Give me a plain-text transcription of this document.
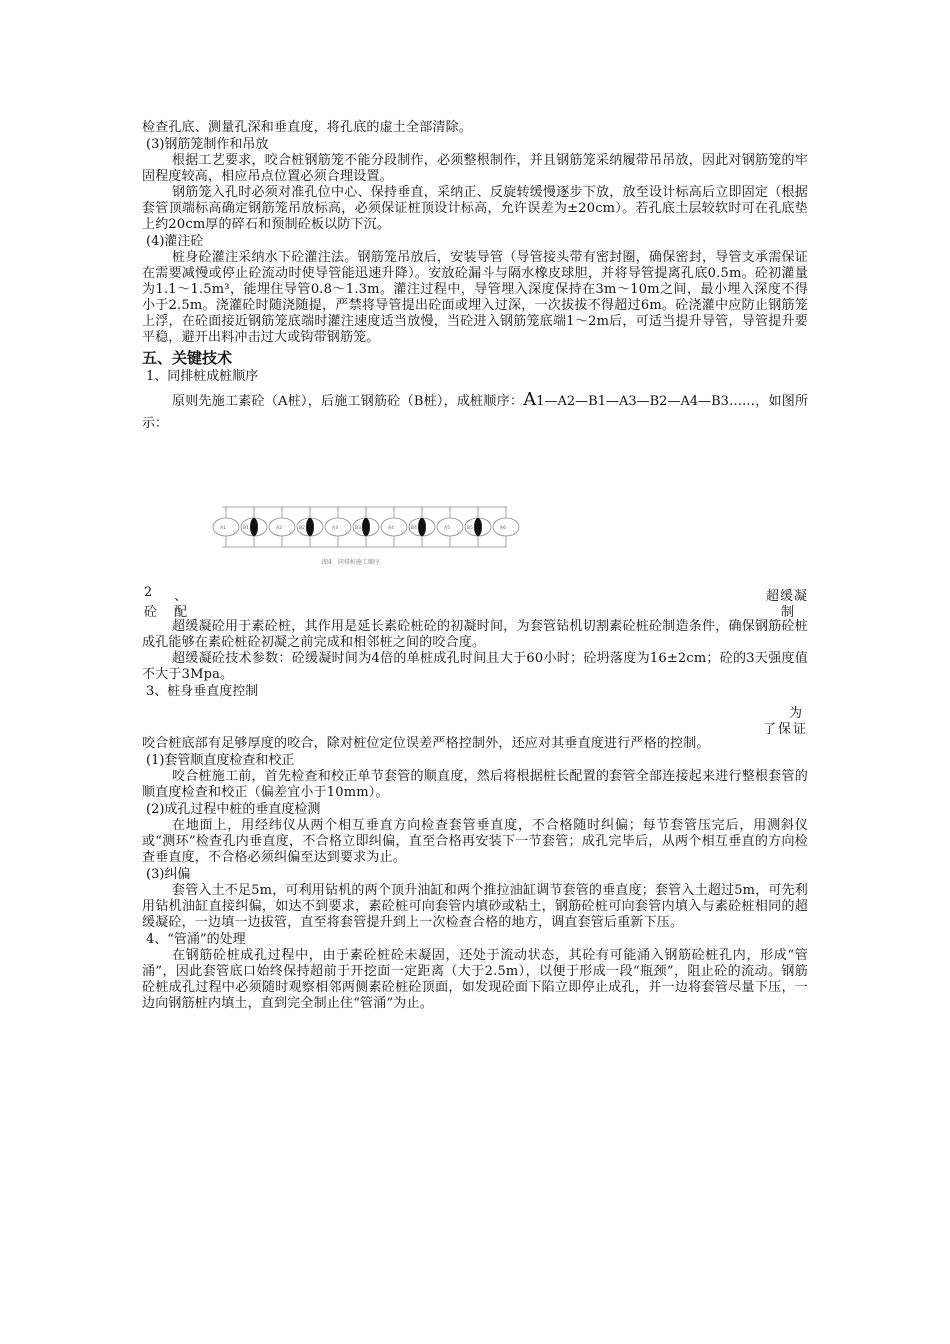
检查孔底、测量孔深和垂直度，将孔底的虚土全部清除。

(3)钢筋笼制作和吊放

根据工艺要求，咬合桩钢筋笼不能分段制作，必须整根制作，并且钢筋笼采纳履带吊吊放，因此对钢筋笼的牢固程度较高，相应吊点位置必须合理设置。

钢筋笼入孔时必须对准孔位中心、保持垂直，采纳正、反旋转缓慢逐步下放，放至设计标高后立即固定（根据套管顶端标高确定钢筋笼吊放标高，必须保证桩顶设计标高，允许误差为±20cm）。若孔底土层较软时可在孔底垫上约20cm厚的碎石和预制砼板以防下沉。

(4)灌注砼

桩身砼灌注采纳水下砼灌注法。钢筋笼吊放后，安装导管（导管接头带有密封圈，确保密封，导管支承需保证在需要减慢或停止砼流动时使导管能迅速升降）。安放砼漏斗与隔水橡皮球胆，并将导管提离孔底0.5m。砼初灌量为1.1～1.5m³，能埋住导管0.8～1.3m。灌注过程中，导管埋入深度保持在3m～10m之间，最小埋入深度不得小于2.5m。浇灌砼时随浇随提，严禁将导管提出砼面或埋入过深，一次拔拔不得超过6m。砼浇灌中应防止钢筋笼上浮，在砼面接近钢筋笼底端时灌注速度适当放慢，当砼进入钢筋笼底端1～2m后，可适当提升导管，导管提升要平稳，避开出料冲击过大或钩带钢筋笼。

五、关键技术

1、同排桩成桩顺序

原则先施工素砼（A桩），后施工钢筋砼（B桩），成桩顺序：A1—A2—B1—A3—B2—A4—B3……，如图所示：

A1	B1	A2	B2	A3	B3	A4	B4	A5	B5	A6
图4　同排桩施工顺序
2 、
砼 配
超缓凝
制

超缓凝砼用于素砼桩，其作用是延长素砼桩砼的初凝时间，为套管钻机切割素砼桩砼制造条件，确保钢筋砼桩成孔能够在素砼桩砼初凝之前完成和相邻桩之间的咬合度。

超缓凝砼技术参数：砼缓凝时间为4倍的单桩成孔时间且大于60小时；砼坍落度为16±2cm；砼的3天强度值不大于3Mpa。

3、桩身垂直度控制

为
了保证

咬合桩底部有足够厚度的咬合，除对桩位定位误差严格控制外，还应对其垂直度进行严格的控制。

(1)套管顺直度检查和校正

咬合桩施工前，首先检查和校正单节套管的顺直度，然后将根据桩长配置的套管全部连接起来进行整根套管的顺直度检查和校正（偏差宜小于10mm）。

(2)成孔过程中桩的垂直度检测

在地面上，用经纬仪从两个相互垂直方向检查套管垂直度，不合格随时纠偏；每节套管压完后，用测斜仪或“测环”检查孔内垂直度，不合格立即纠偏，直至合格再安装下一节套管；成孔完毕后，从两个相互垂直的方向检查垂直度，不合格必须纠偏至达到要求为止。

(3)纠偏

套管入土不足5m，可利用钻机的两个顶升油缸和两个推拉油缸调节套管的垂直度；套管入土超过5m，可先利用钻机油缸直接纠偏，如达不到要求，素砼桩可向套管内填砂或粘土，钢筋砼桩可向套管内填入与素砼桩相同的超缓凝砼，一边填一边拔管，直至将套管提升到上一次检查合格的地方，调直套管后重新下压。

4、“管涌”的处理

在钢筋砼桩成孔过程中，由于素砼桩砼未凝固，还处于流动状态，其砼有可能涌入钢筋砼桩孔内，形成“管涌”，因此套管底口始终保持超前于开挖面一定距离（大于2.5m），以便于形成一段“瓶颈”，阻止砼的流动。钢筋砼桩成孔过程中必须随时观察相邻两侧素砼桩砼顶面，如发现砼面下陷立即停止成孔，并一边将套管尽量下压，一边向钢筋桩内填土，直到完全制止住“管涌”为止。
